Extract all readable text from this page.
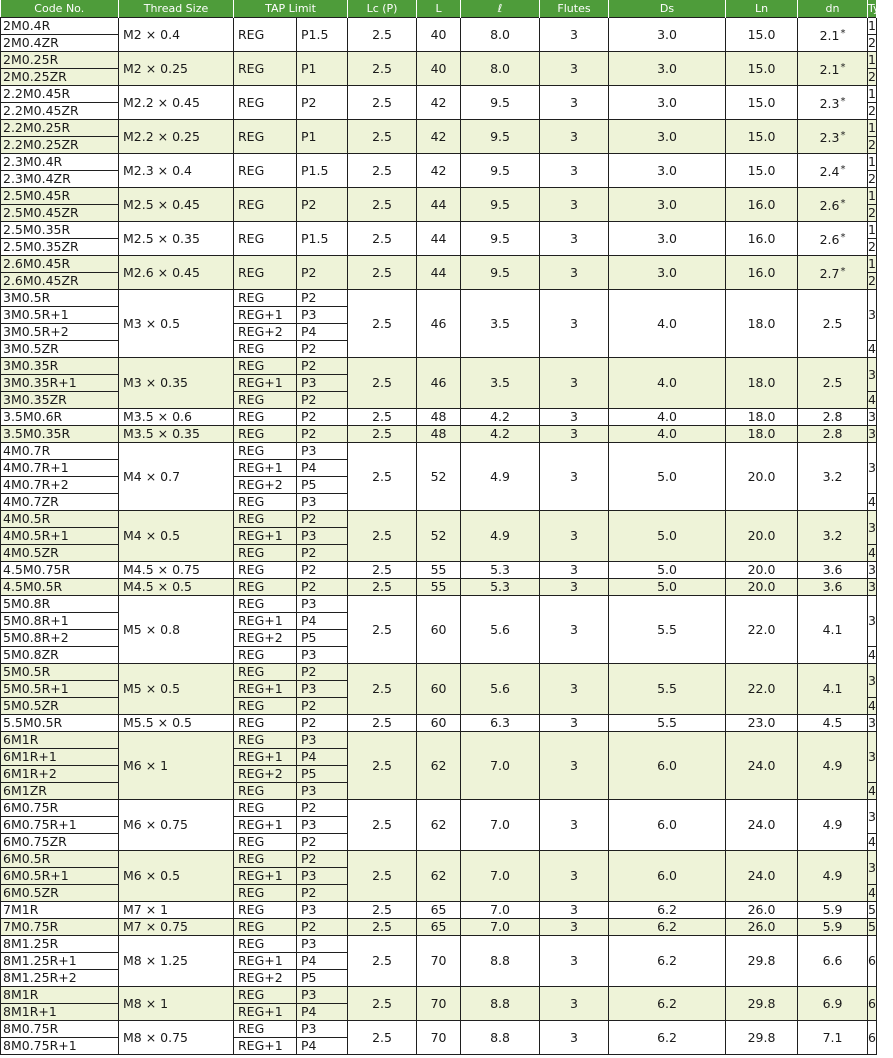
Code No.	Thread Size	TAP Limit		Lc (P)	L	ℓ	Flutes	Ds	Ln	dn	Type
2M0.4R	M2 × 0.4	REG	P1.5	2.5	40	8.0	3	3.0	15.0	2.1*	1
2M0.4ZR											2
2M0.25R	M2 × 0.25	REG	P1	2.5	40	8.0	3	3.0	15.0	2.1*	1
2M0.25ZR											2
2.2M0.45R	M2.2 × 0.45	REG	P2	2.5	42	9.5	3	3.0	15.0	2.3*	1
2.2M0.45ZR											2
2.2M0.25R	M2.2 × 0.25	REG	P1	2.5	42	9.5	3	3.0	15.0	2.3*	1
2.2M0.25ZR											2
2.3M0.4R	M2.3 × 0.4	REG	P1.5	2.5	42	9.5	3	3.0	15.0	2.4*	1
2.3M0.4ZR											2
2.5M0.45R	M2.5 × 0.45	REG	P2	2.5	44	9.5	3	3.0	16.0	2.6*	1
2.5M0.45ZR											2
2.5M0.35R	M2.5 × 0.35	REG	P1.5	2.5	44	9.5	3	3.0	16.0	2.6*	1
2.5M0.35ZR											2
2.6M0.45R	M2.6 × 0.45	REG	P2	2.5	44	9.5	3	3.0	16.0	2.7*	1
2.6M0.45ZR											2
3M0.5R	M3 × 0.5	REG	P2	2.5	46	3.5	3	4.0	18.0	2.5	3
3M0.5R+1		REG+1	P3								
3M0.5R+2		REG+2	P4								
3M0.5ZR		REG	P2								4
3M0.35R	M3 × 0.35	REG	P2	2.5	46	3.5	3	4.0	18.0	2.5	3
3M0.35R+1		REG+1	P3								
3M0.35ZR		REG	P2								4
3.5M0.6R	M3.5 × 0.6	REG	P2	2.5	48	4.2	3	4.0	18.0	2.8	3
3.5M0.35R	M3.5 × 0.35	REG	P2	2.5	48	4.2	3	4.0	18.0	2.8	3
4M0.7R	M4 × 0.7	REG	P3	2.5	52	4.9	3	5.0	20.0	3.2	3
4M0.7R+1		REG+1	P4								
4M0.7R+2		REG+2	P5								
4M0.7ZR		REG	P3								4
4M0.5R	M4 × 0.5	REG	P2	2.5	52	4.9	3	5.0	20.0	3.2	3
4M0.5R+1		REG+1	P3								
4M0.5ZR		REG	P2								4
4.5M0.75R	M4.5 × 0.75	REG	P2	2.5	55	5.3	3	5.0	20.0	3.6	3
4.5M0.5R	M4.5 × 0.5	REG	P2	2.5	55	5.3	3	5.0	20.0	3.6	3
5M0.8R	M5 × 0.8	REG	P3	2.5	60	5.6	3	5.5	22.0	4.1	3
5M0.8R+1		REG+1	P4								
5M0.8R+2		REG+2	P5								
5M0.8ZR		REG	P3								4
5M0.5R	M5 × 0.5	REG	P2	2.5	60	5.6	3	5.5	22.0	4.1	3
5M0.5R+1		REG+1	P3								
5M0.5ZR		REG	P2								4
5.5M0.5R	M5.5 × 0.5	REG	P2	2.5	60	6.3	3	5.5	23.0	4.5	3
6M1R	M6 × 1	REG	P3	2.5	62	7.0	3	6.0	24.0	4.9	3
6M1R+1		REG+1	P4								
6M1R+2		REG+2	P5								
6M1ZR		REG	P3								4
6M0.75R	M6 × 0.75	REG	P2	2.5	62	7.0	3	6.0	24.0	4.9	3
6M0.75R+1		REG+1	P3								
6M0.75ZR		REG	P2								4
6M0.5R	M6 × 0.5	REG	P2	2.5	62	7.0	3	6.0	24.0	4.9	3
6M0.5R+1		REG+1	P3								
6M0.5ZR		REG	P2								4
7M1R	M7 × 1	REG	P3	2.5	65	7.0	3	6.2	26.0	5.9	5
7M0.75R	M7 × 0.75	REG	P2	2.5	65	7.0	3	6.2	26.0	5.9	5
8M1.25R	M8 × 1.25	REG	P3	2.5	70	8.8	3	6.2	29.8	6.6	6
8M1.25R+1		REG+1	P4								
8M1.25R+2		REG+2	P5								
8M1R	M8 × 1	REG	P3	2.5	70	8.8	3	6.2	29.8	6.9	6
8M1R+1		REG+1	P4								
8M0.75R	M8 × 0.75	REG	P3	2.5	70	8.8	3	6.2	29.8	7.1	6
8M0.75R+1		REG+1	P4								
